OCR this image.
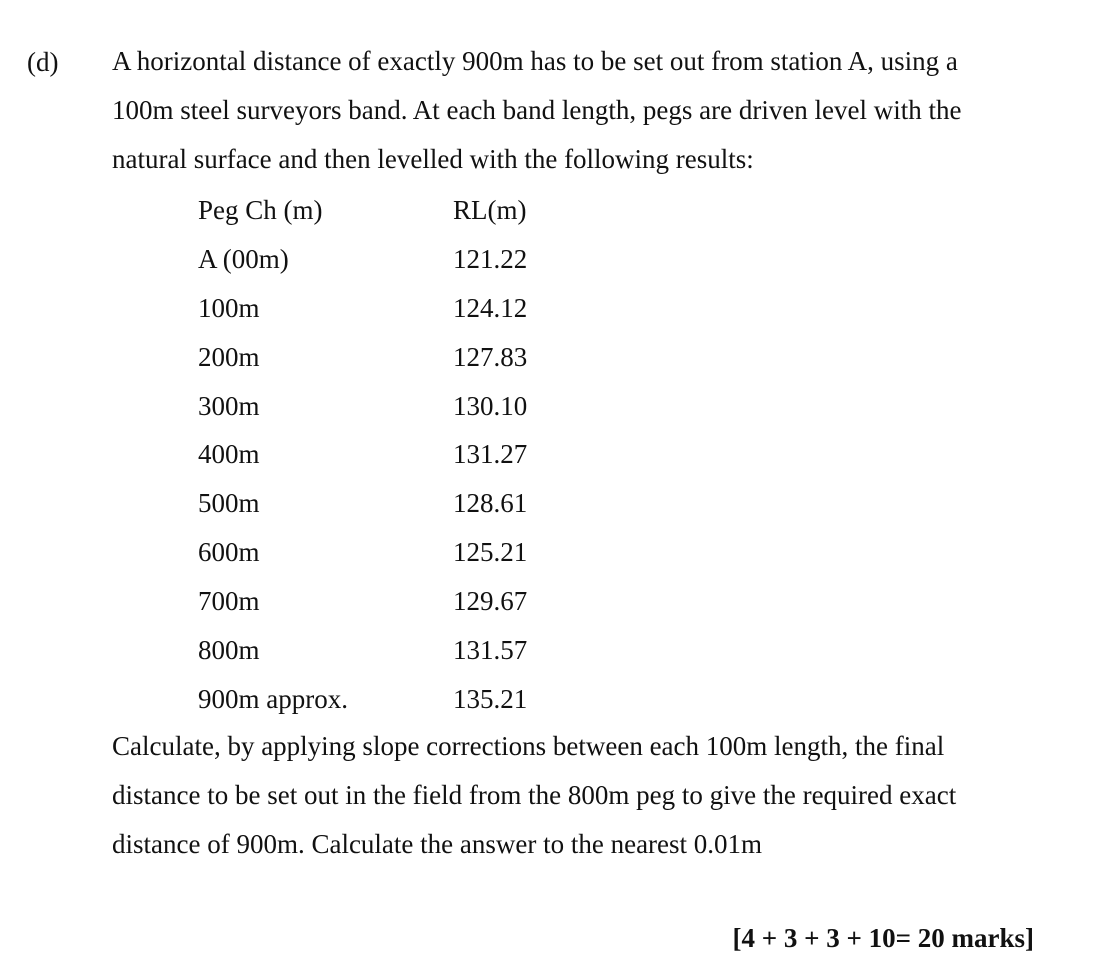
(d) A horizontal distance of exactly 900m has to be set out from station A, using a
100m steel surveyors band. At each band length, pegs are driven level with the
natural surface and then levelled with the following results:
Peg Ch (m)	RL(m)
A (00m)	121.22
100m	124.12
200m	127.83
300m	130.10
400m	131.27
500m	128.61
600m	125.21
700m	129.67
800m	131.57
900m approx.	135.21
Calculate, by applying slope corrections between each 100m length, the final
distance to be set out in the field from the 800m peg to give the required exact
distance of 900m. Calculate the answer to the nearest 0.01m
[4 + 3 + 3 + 10= 20 marks]
